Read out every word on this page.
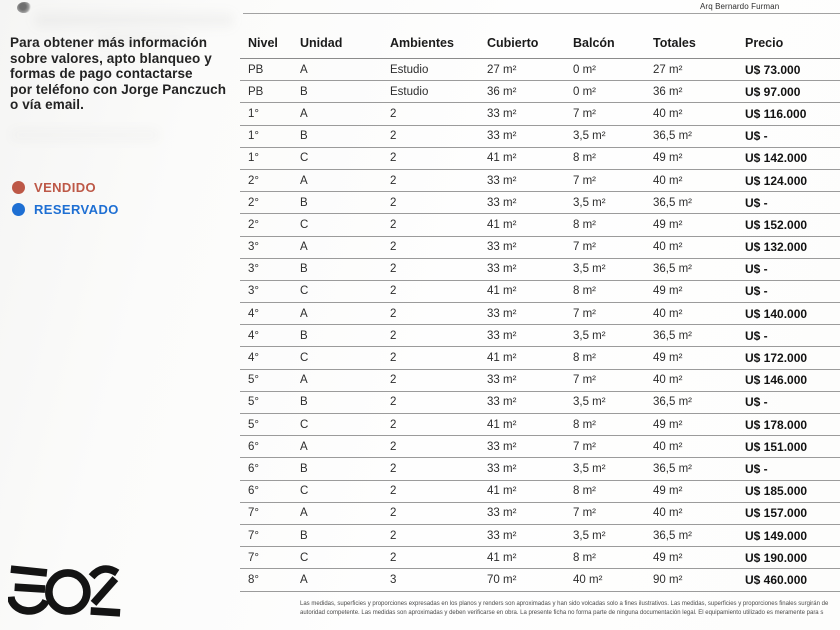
Arq Bernardo Furman
Para obtener más información
sobre valores, apto blanqueo y
formas de pago contactarse
por teléfono con Jorge Panczuch
o vía email.
VENDIDO
RESERVADO
Nivel	Unidad	Ambientes	Cubierto	Balcón	Totales	Precio
PB	A	Estudio	27 m²	0 m²	27 m²	U$ 73.000
PB	B	Estudio	36 m²	0 m²	36 m²	U$ 97.000
1°	A	2	33 m²	7 m²	40 m²	U$ 116.000
1°	B	2	33 m²	3,5 m²	36,5 m²	U$ -
1°	C	2	41 m²	8 m²	49 m²	U$ 142.000
2°	A	2	33 m²	7 m²	40 m²	U$ 124.000
2°	B	2	33 m²	3,5 m²	36,5 m²	U$ -
2°	C	2	41 m²	8 m²	49 m²	U$ 152.000
3°	A	2	33 m²	7 m²	40 m²	U$ 132.000
3°	B	2	33 m²	3,5 m²	36,5 m²	U$ -
3°	C	2	41 m²	8 m²	49 m²	U$ -
4°	A	2	33 m²	7 m²	40 m²	U$ 140.000
4°	B	2	33 m²	3,5 m²	36,5 m²	U$ -
4°	C	2	41 m²	8 m²	49 m²	U$ 172.000
5°	A	2	33 m²	7 m²	40 m²	U$ 146.000
5°	B	2	33 m²	3,5 m²	36,5 m²	U$ -
5°	C	2	41 m²	8 m²	49 m²	U$ 178.000
6°	A	2	33 m²	7 m²	40 m²	U$ 151.000
6°	B	2	33 m²	3,5 m²	36,5 m²	U$ -
6°	C	2	41 m²	8 m²	49 m²	U$ 185.000
7°	A	2	33 m²	7 m²	40 m²	U$ 157.000
7°	B	2	33 m²	3,5 m²	36,5 m²	U$ 149.000
7°	C	2	41 m²	8 m²	49 m²	U$ 190.000
8°	A	3	70 m²	40 m²	90 m²	U$ 460.000
Las medidas, superficies y proporciones expresadas en los planos y renders son aproximadas y han sido volcadas solo a fines ilustrativos. Las medidas, superficies y proporciones finales surgirán de
autoridad competente. Las medidas son aproximadas y deben verificarse en obra. La presente ficha no forma parte de ninguna documentación legal. El equipamiento utilizado es meramente para s
